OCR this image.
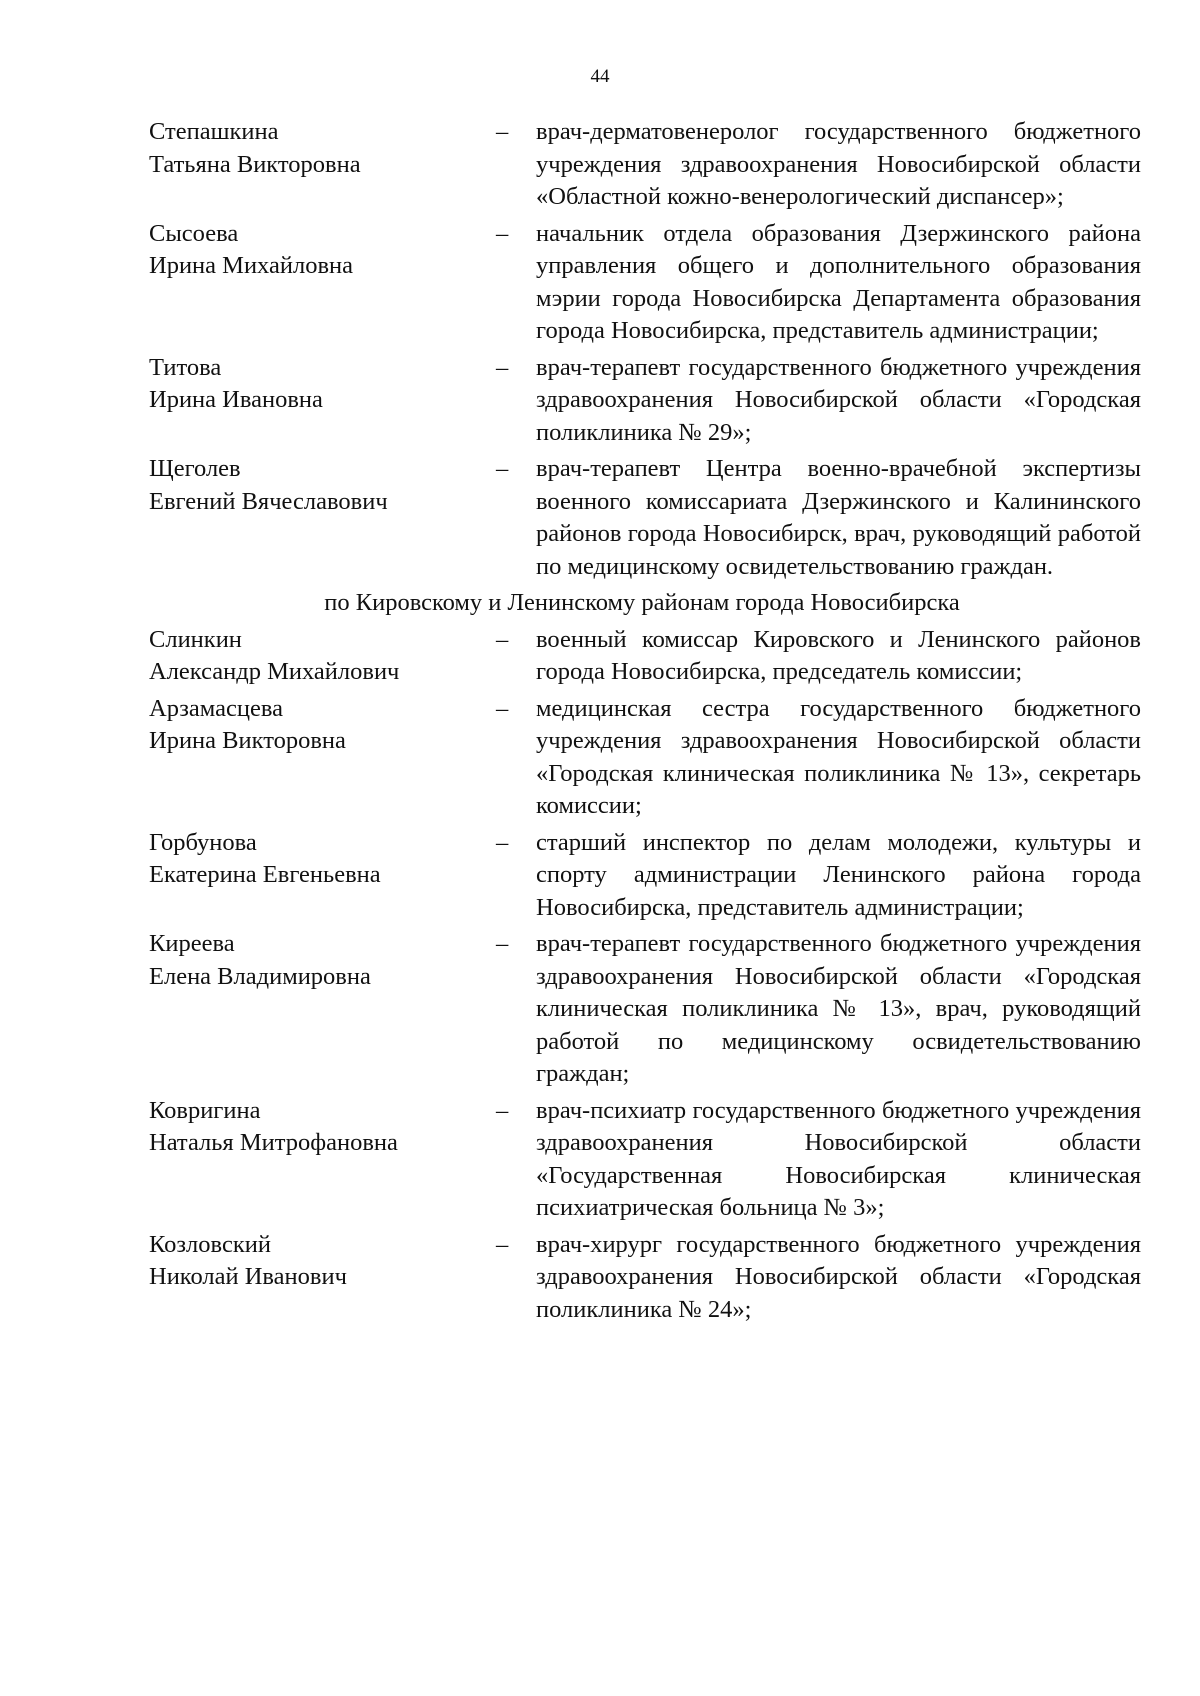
44
Степашкина
Татьяна Викторовна
–	врач-дерматовенеролог государственного бюджетного учреждения здравоохранения Новосибирской области «Областной кожно-венерологический диспансер»;
Сысоева
Ирина Михайловна
–	начальник отдела образования Дзержинского района управления общего и дополнительного образования мэрии города Новосибирска Департамента образования города Новосибирска, представитель администрации;
Титова
Ирина Ивановна
–	врач-терапевт государственного бюджетного учреждения здравоохранения Новосибирской области «Городская поликлиника № 29»;
Щеголев
Евгений Вячеславович
–	врач-терапевт Центра военно-врачебной экспертизы военного комиссариата Дзержинского и Калининского районов города Новосибирск, врач, руководящий работой по медицинскому освидетельствованию граждан.
по Кировскому и Ленинскому районам города Новосибирска
Слинкин
Александр Михайлович
–	военный комиссар Кировского и Ленинского районов города Новосибирска, председатель комиссии;
Арзамасцева
Ирина Викторовна
–	медицинская сестра государственного бюджетного учреждения здравоохранения Новосибирской области «Городская клиническая поликлиника № 13», секретарь комиссии;
Горбунова
Екатерина Евгеньевна
–	старший инспектор по делам молодежи, культуры и спорту администрации Ленинского района города Новосибирска, представитель администрации;
Киреева
Елена Владимировна
–	врач-терапевт государственного бюджетного учреждения здравоохранения Новосибирской области «Городская клиническая поликлиника № 13», врач, руководящий работой по медицинскому освидетельствованию граждан;
Ковригина
Наталья Митрофановна
–	врач-психиатр государственного бюджетного учреждения здравоохранения Новосибирской области «Государственная Новосибирская клиническая психиатрическая больница № 3»;
Козловский
Николай Иванович
–	врач-хирург государственного бюджетного учреждения здравоохранения Новосибирской области «Городская поликлиника № 24»;
